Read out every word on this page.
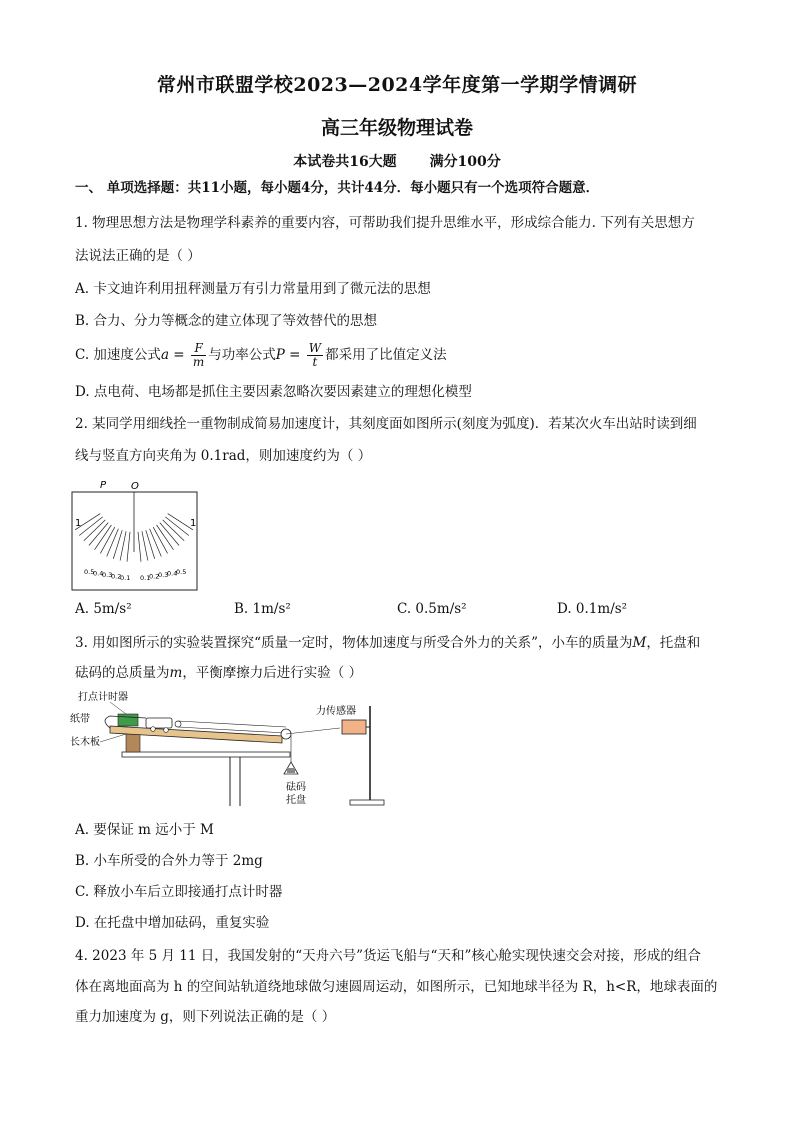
常州市联盟学校2023—2024学年度第一学期学情调研
高三年级物理试卷
本试卷共16大题 满分100分
一、 单项选择题：共11小题，每小题4分，共计44分．每小题只有一个选项符合题意．
1. 物理思想方法是物理学科素养的重要内容，可帮助我们提升思维水平，形成综合能力. 下列有关思想方
法说法正确的是（ ）
A. 卡文迪许利用扭秤测量万有引力常量用到了微元法的思想
B. 合力、分力等概念的建立体现了等效替代的思想
C. 加速度公式$a = \frac{F}{m}$ 与功率公式$P = \frac{W}{t}$ 都采用了比值定义法
D. 点电荷、电场都是抓住主要因素忽略次要因素建立的理想化模型
2. 某同学用细线拴一重物制成简易加速度计，其刻度面如图所示(刻度为弧度)．若某次火车出站时读到细
线与竖直方向夹角为 0.1rad，则加速度约为（ ）
P O
1	1
0.5
0.4
0.3
0.2
0.1 0.1
0.2
0.3
0.4
0.5
A. 5m/s²	B. 1m/s²	C. 0.5m/s²	D. 0.1m/s²
3. 用如图所示的实验装置探究“质量一定时，物体加速度与所受合外力的关系”，小车的质量为M，托盘和
砝码的总质量为m，平衡摩擦力后进行实验（ ）
打点计时器
纸带
长木板
力传感器
砝码
托盘
A. 要保证 m 远小于 M
B. 小车所受的合外力等于 2mg
C. 释放小车后立即接通打点计时器
D. 在托盘中增加砝码，重复实验
4. 2023 年 5 月 11 日，我国发射的“天舟六号”货运飞船与“天和”核心舱实现快速交会对接，形成的组合
体在离地面高为 h 的空间站轨道绕地球做匀速圆周运动，如图所示，已知地球半径为 R，h<R，地球表面的
重力加速度为 g，则下列说法正确的是（ ）
